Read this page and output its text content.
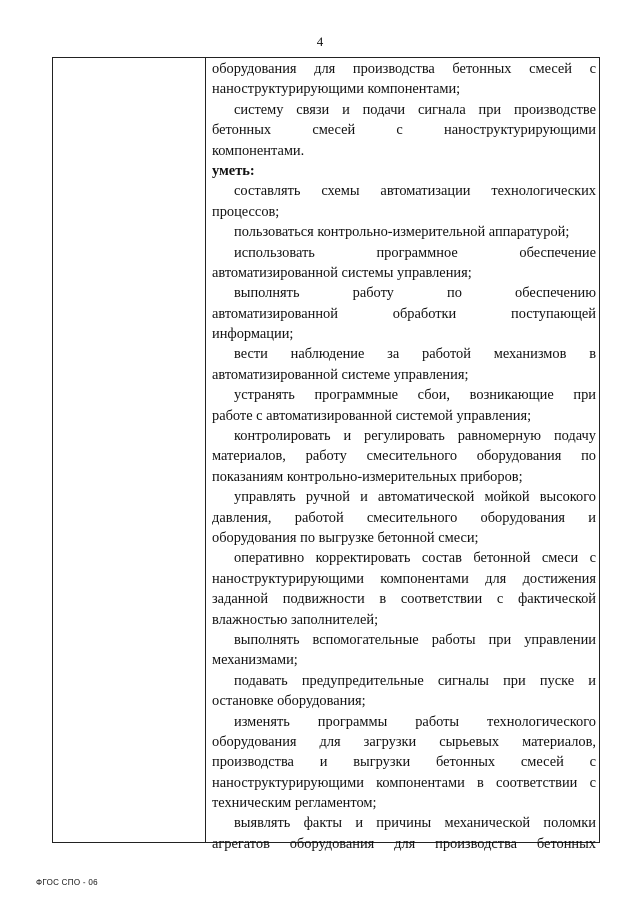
4
оборудования для производства бетонных смесей с
наноструктурирующими компонентами;
систему связи и подачи сигнала при производстве
бетонных смесей с наноструктурирующими
компонентами.
уметь:
составлять схемы автоматизации технологических
процессов;
пользоваться контрольно-измерительной аппаратурой;
использовать программное обеспечение
автоматизированной системы управления;
выполнять работу по обеспечению
автоматизированной обработки поступающей
информации;
вести наблюдение за работой механизмов в
автоматизированной системе управления;
устранять программные сбои, возникающие при
работе с автоматизированной системой управления;
контролировать и регулировать равномерную подачу
материалов, работу смесительного оборудования по
показаниям контрольно-измерительных приборов;
управлять ручной и автоматической мойкой высокого
давления, работой смесительного оборудования и
оборудования по выгрузке бетонной смеси;
оперативно корректировать состав бетонной смеси с
наноструктурирующими компонентами для достижения
заданной подвижности в соответствии с фактической
влажностью заполнителей;
выполнять вспомогательные работы при управлении
механизмами;
подавать предупредительные сигналы при пуске и
остановке оборудования;
изменять программы работы технологического
оборудования для загрузки сырьевых материалов,
производства и выгрузки бетонных смесей с
наноструктурирующими компонентами в соответствии с
техническим регламентом;
выявлять факты и причины механической поломки
агрегатов оборудования для производства бетонных
ФГОС СПО - 06
